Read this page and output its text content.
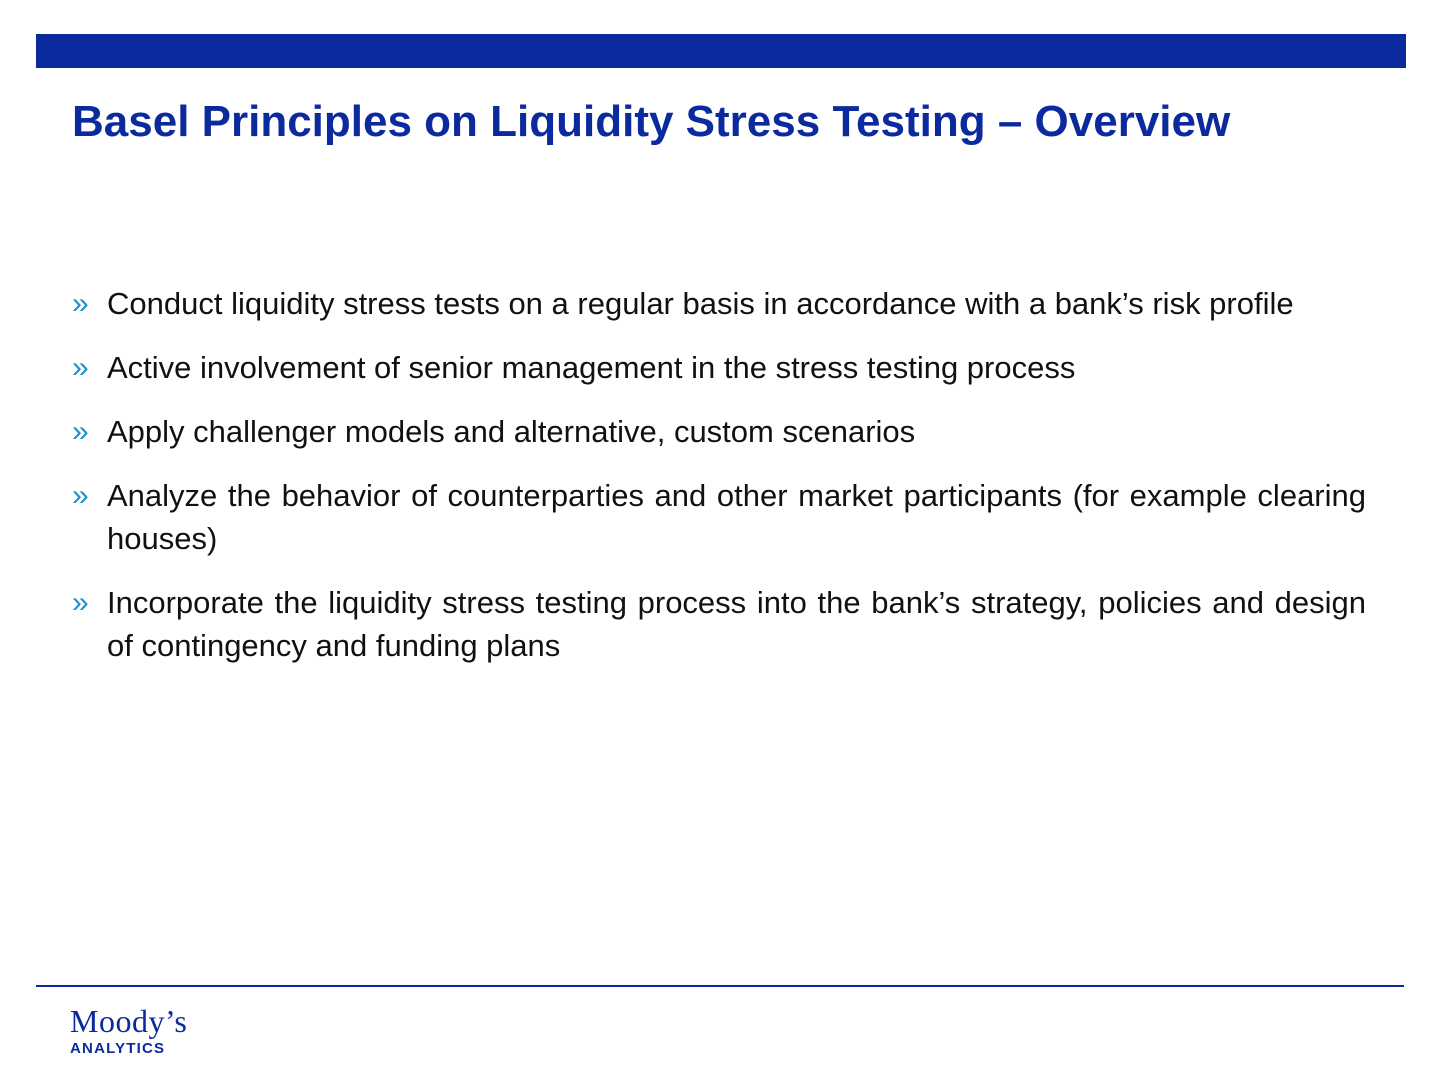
Basel Principles on Liquidity Stress Testing – Overview
» Conduct liquidity stress tests on a regular basis in accordance with a bank’s risk profile
» Active involvement of senior management in the stress testing process
» Apply challenger models and alternative, custom scenarios
» Analyze the behavior of counterparties and other market participants (for example clearing houses)
» Incorporate the liquidity stress testing process into the bank’s strategy, policies and design of contingency and funding plans
Moody’s
ANALYTICS
